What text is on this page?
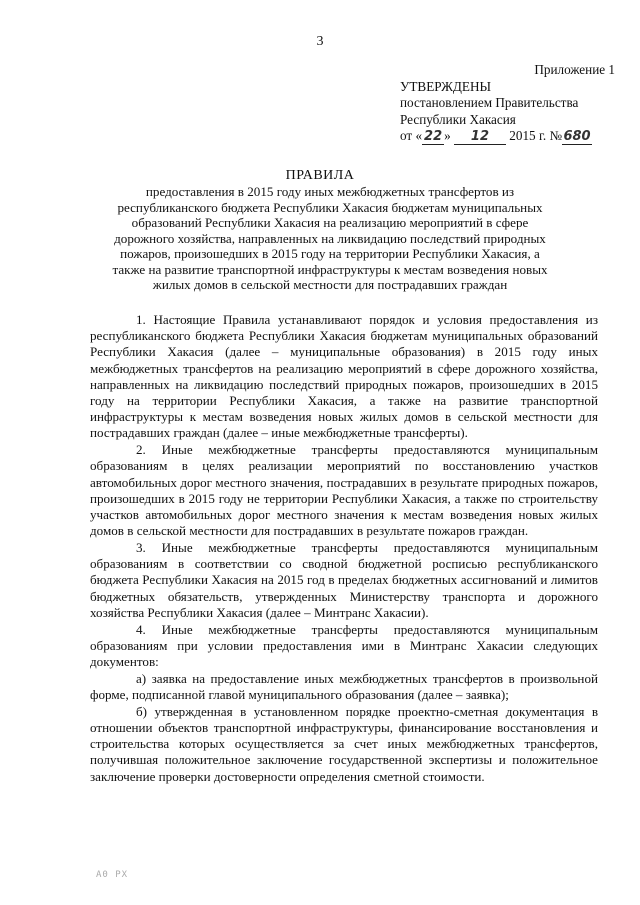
3
Приложение 1
УТВЕРЖДЕНЫ
постановлением Правительства
Республики Хакасия
от « 22 » 12 2015 г. №680
ПРАВИЛА
предоставления в 2015 году иных межбюджетных трансфертов из республиканского бюджета Республики Хакасия бюджетам муниципальных образований Республики Хакасия на реализацию мероприятий в сфере дорожного хозяйства, направленных на ликвидацию последствий природных пожаров, произошедших в 2015 году на территории Республики Хакасия, а также на развитие транспортной инфраструктуры к местам возведения новых жилых домов в сельской местности для пострадавших граждан

1. Настоящие Правила устанавливают порядок и условия предоставления из республиканского бюджета Республики Хакасия бюджетам муниципальных образований Республики Хакасия (далее – муниципальные образования) в 2015 году иных межбюджетных трансфертов на реализацию мероприятий в сфере дорожного хозяйства, направленных на ликвидацию последствий природных пожаров, произошедших в 2015 году на территории Республики Хакасия, а также на развитие транспортной инфраструктуры к местам возведения новых жилых домов в сельской местности для пострадавших граждан (далее – иные межбюджетные трансферты).

2. Иные межбюджетные трансферты предоставляются муниципальным образованиям в целях реализации мероприятий по восстановлению участков автомобильных дорог местного значения, пострадавших в результате природных пожаров, произошедших в 2015 году не территории Республики Хакасия, а также по строительству участков автомобильных дорог местного значения к местам возведения новых жилых домов в сельской местности для пострадавших в результате пожаров граждан.

3. Иные межбюджетные трансферты предоставляются муниципальным образованиям в соответствии со сводной бюджетной росписью республиканского бюджета Республики Хакасия на 2015 год в пределах бюджетных ассигнований и лимитов бюджетных обязательств, утвержденных Министерству транспорта и дорожного хозяйства Республики Хакасия (далее – Минтранс Хакасии).

4. Иные межбюджетные трансферты предоставляются муниципальным образованиям при условии предоставления ими в Минтранс Хакасии следующих документов:

а) заявка на предоставление иных межбюджетных трансфертов в произвольной форме, подписанной главой муниципального образования (далее – заявка);

б) утвержденная в установленном порядке проектно-сметная документация в отношении объектов транспортной инфраструктуры, финансирование восстановления и строительства которых осуществляется за счет иных межбюджетных трансфертов, получившая положительное заключение государственной экспертизы и положительное заключение проверки достоверности определения сметной стоимости.

А0 РХ
